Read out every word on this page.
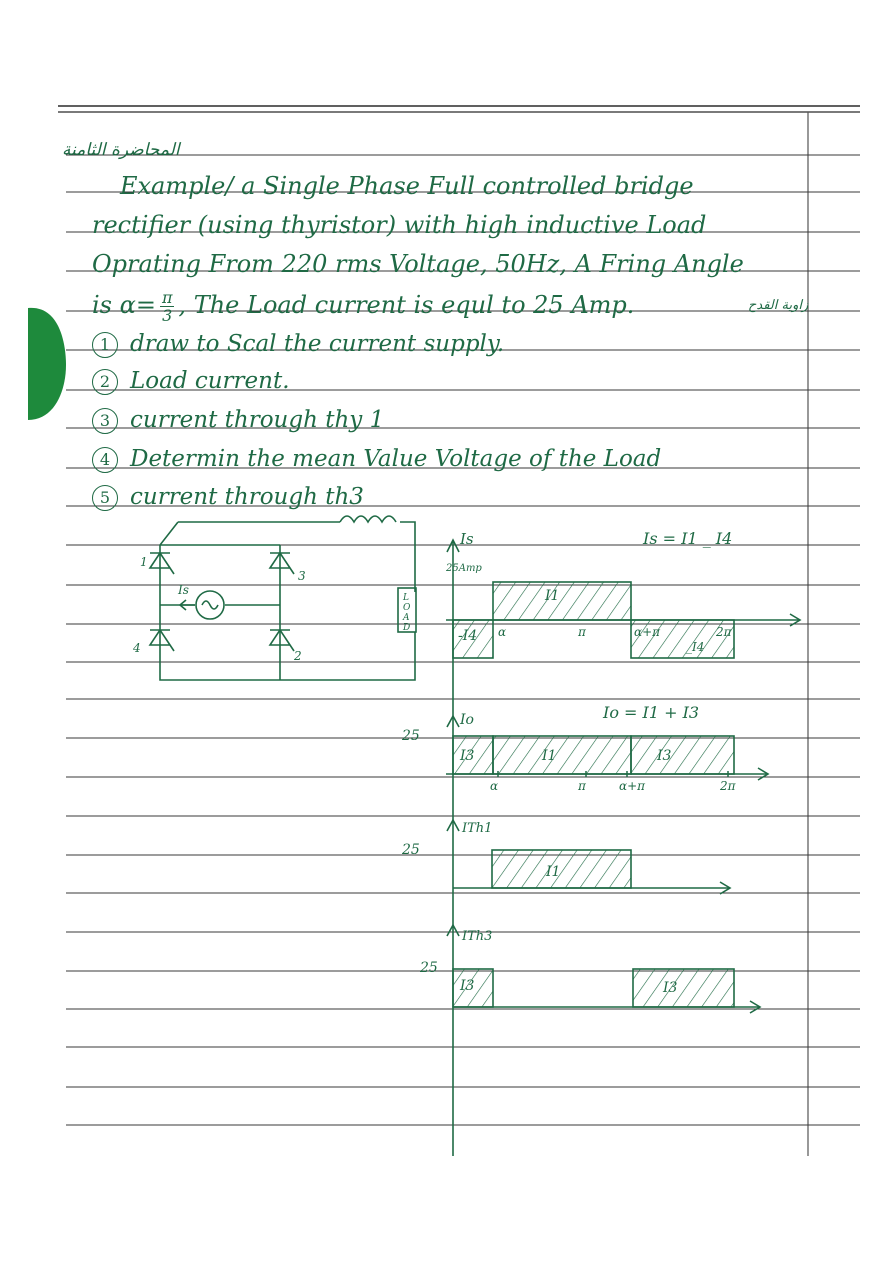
المحاضرة الثامنة
Example/ a Single Phase Full controlled bridge
rectifier (using thyristor) with high inductive Load
Oprating From 220 rms Voltage, 50Hz, A Fring Angle
is $\alpha= \frac{\pi}{3}$ , The Load current is equl to 25 Amp.	زاوية القدح
1 draw to Scal the current supply.
2 Load current.
3 current through thy 1
4 Determin the mean Value Voltage of the Load
5 current through th3
1
3
4
2
Is
L
O
A
D
Is	Is = I1 _ I4
25Amp
I1
-I4
_I4
α	π	α+π	2π
Io	Io = I1 + I3
25
I3	I1	I3
α	π	α+π	2π
ITh1
25
I1
ITh3
25
I3	I3
